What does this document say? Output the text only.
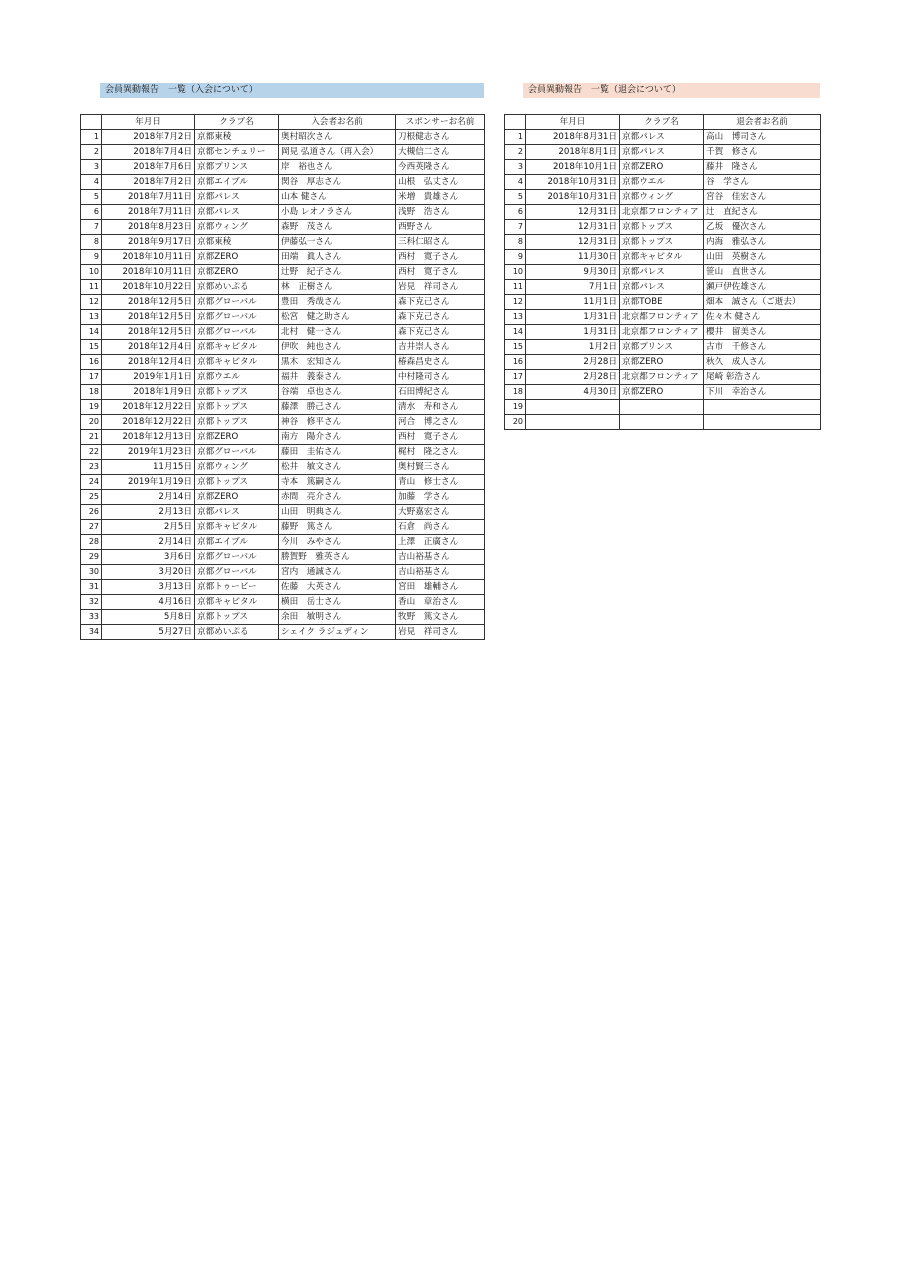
会員異動報告　一覧（入会について）
	年月日	クラブ名	入会者お名前	スポンサーお名前
1	2018年7月2日	京都東稜	奥村昭次さん	刀根健志さん
2	2018年7月4日	京都センチュリー	岡見 弘道さん（再入会）	大槻信二さん
3	2018年7月6日	京都プリンス	岸　裕也さん	今西英隆さん
4	2018年7月2日	京都エイブル	関谷　厚志さん	山根　弘丈さん
5	2018年7月11日	京都パレス	山本 健さん	米増　貴雄さん
6	2018年7月11日	京都パレス	小島 レオノラさん	浅野　浩さん
7	2018年8月23日	京都ウィング	森野　茂さん	西野さん
8	2018年9月17日	京都東稜	伊藤弘一さん	三科仁昭さん
9	2018年10月11日	京都ZERO	田端　眞人さん	西村　寛子さん
10	2018年10月11日	京都ZERO	辻野　紀子さん	西村　寛子さん
11	2018年10月22日	京都めいぷる	林　正樹さん	岩見　祥司さん
12	2018年12月5日	京都グローバル	豊田　秀哉さん	森下克己さん
13	2018年12月5日	京都グローバル	松宮　健之助さん	森下克己さん
14	2018年12月5日	京都グローバル	北村　健一さん	森下克己さん
15	2018年12月4日	京都キャピタル	伊吹　純也さん	吉井崇人さん
16	2018年12月4日	京都キャピタル	黒木　宏知さん	椿森昌史さん
17	2019年1月1日	京都ウエル	福井　義泰さん	中村隆司さん
18	2018年1月9日	京都トップス	谷端　卓也さん	石田博紀さん
19	2018年12月22日	京都トップス	藤澤　勝己さん	清水　寿和さん
20	2018年12月22日	京都トップス	神谷　修平さん	河合　博之さん
21	2018年12月13日	京都ZERO	南方　陽介さん	西村　寛子さん
22	2019年1月23日	京都グローバル	藤田　圭佑さん	梶村　隆之さん
23	11月15日	京都ウィング	松井　敏文さん	奥村賢三さん
24	2019年1月19日	京都トップス	寺本　篤嗣さん	青山　修士さん
25	2月14日	京都ZERO	赤間　亮介さん	加藤　学さん
26	2月13日	京都パレス	山田　明典さん	大野嘉宏さん
27	2月5日	京都キャピタル	藤野　篤さん	石倉　尚さん
28	2月14日	京都エイブル	今川　みやさん	上澤　正廣さん
29	3月6日	京都グローバル	勝賀野　雅英さん	吉山裕基さん
30	3月20日	京都グローバル	宮内　通誠さん	吉山裕基さん
31	3月13日	京都トゥービー	佐藤　大英さん	宮田　雄輔さん
32	4月16日	京都キャピタル	横田　岳士さん	香山　章治さん
33	5月8日	京都トップス	余田　敏明さん	牧野　篤文さん
34	5月27日	京都めいぷる	シェイク ラジュディン	岩見　祥司さん
会員異動報告　一覧（退会について）
	年月日	クラブ名	退会者お名前
1	2018年8月31日	京都パレス	高山　博司さん
2	2018年8月1日	京都パレス	千賀　修さん
3	2018年10月1日	京都ZERO	藤井　隆さん
4	2018年10月31日	京都ウエル	谷　学さん
5	2018年10月31日	京都ウィング	宮谷　佳宏さん
6	12月31日	北京都フロンティア	辻　直紀さん
7	12月31日	京都トップス	乙坂　優次さん
8	12月31日	京都トップス	内海　雅弘さん
9	11月30日	京都キャピタル	山田　英樹さん
10	9月30日	京都パレス	笹山　直世さん
11	7月1日	京都パレス	瀬戸伊佐雄さん
12	11月1日	京都TOBE	畑本　誠さん（ご逝去）
13	1月31日	北京都フロンティア	佐々木 健さん
14	1月31日	北京都フロンティア	櫻井　留美さん
15	1月2日	京都プリンス	古市　千修さん
16	2月28日	京都ZERO	秋久　成人さん
17	2月28日	北京都フロンティア	尾崎 彰浩さん
18	4月30日	京都ZERO	下川　幸治さん
19			
20			
